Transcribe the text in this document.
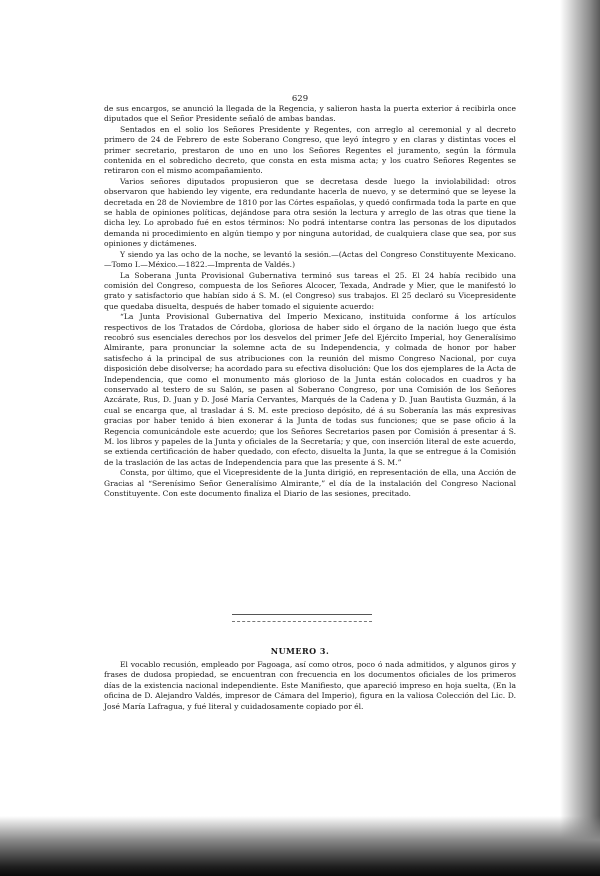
629

de sus encargos, se anunció la llegada de la Regencia, y salieron hasta la puerta exterior á recibirla once diputados que el Señor Presidente señaló de ambas bandas.

Sentados en el solio los Señores Presidente y Regentes, con arreglo al ceremonial y al decreto primero de 24 de Febrero de este Soberano Congreso, que leyó íntegro y en claras y distintas voces el primer secretario, prestaron de uno en uno los Señores Regentes el juramento, según la fórmula contenida en el sobredicho decreto, que consta en esta misma acta; y los cuatro Señores Regentes se retiraron con el mismo acompañamiento.

Varios señores diputados propusieron que se decretasa desde luego la inviolabilidad: otros observaron que habiendo ley vigente, era redundante hacerla de nuevo, y se determinó que se leyese la decretada en 28 de Noviembre de 1810 por las Córtes españolas, y quedó confirmada toda la parte en que se habla de opiniones políticas, dejándose para otra sesión la lectura y arreglo de las otras que tiene la dicha ley. Lo aprobado fué en estos términos: No podrá intentarse contra las personas de los diputados demanda ni procedimiento en algún tiempo y por ninguna autoridad, de cualquiera clase que sea, por sus opiniones y dictámenes.

Y siendo ya las ocho de la noche, se levantó la sesión.—(Actas del Congreso Constituyente Mexicano.—Tomo I.—México.—1822.—Imprenta de Valdés.)

La Soberana Junta Provisional Gubernativa terminó sus tareas el 25. El 24 había recibido una comisión del Congreso, compuesta de los Señores Alcocer, Texada, Andrade y Mier, que le manifestó lo grato y satisfactorio que habían sido á S. M. (el Congreso) sus trabajos. El 25 declaró su Vicepresidente que quedaba disuelta, después de haber tomado el siguiente acuerdo:

“La Junta Provisional Gubernativa del Imperio Mexicano, instituida conforme á los artículos respectivos de los Tratados de Córdoba, gloriosa de haber sido el órgano de la nación luego que ésta recobró sus esenciales derechos por los desvelos del primer Jefe del Ejército Imperial, hoy Generalísimo Almirante, para pronunciar la solemne acta de su Independencia, y colmada de honor por haber satisfecho á la principal de sus atribuciones con la reunión del mismo Congreso Nacional, por cuya disposición debe disolverse; ha acordado para su efectiva disolución: Que los dos ejemplares de la Acta de Independencia, que como el monumento más glorioso de la Junta están colocados en cuadros y ha conservado al testero de su Salón, se pasen al Soberano Congreso, por una Comisión de los Señores Azcárate, Rus, D. Juan y D. José María Cervantes, Marqués de la Cadena y D. Juan Bautista Guzmán, á la cual se encarga que, al trasladar á S. M. este precioso depósito, dé á su Soberanía las más expresivas gracias por haber tenido á bien exonerar á la Junta de todas sus funciones; que se pase oficio á la Regencia comunicándole este acuerdo; que los Señores Secretarios pasen por Comisión á presentar á S. M. los libros y papeles de la Junta y oficiales de la Secretaría; y que, con inserción literal de este acuerdo, se extienda certificación de haber quedado, con efecto, disuelta la Junta, la que se entregue á la Comisión de la traslación de las actas de Independencia para que las presente á S. M.”

Consta, por último, que el Vicepresidente de la Junta dirigió, en representación de ella, una Acción de Gracias al “Serenísimo Señor Generalísimo Almirante,” el día de la instalación del Congreso Nacional Constituyente. Con este documento finaliza el Diario de las sesiones, precitado.

NUMERO 3.

El vocablo recusión, empleado por Fagoaga, así como otros, poco ó nada admitidos, y algunos giros y frases de dudosa propiedad, se encuentran con frecuencia en los documentos oficiales de los primeros días de la existencia nacional independiente. Este Manifiesto, que apareció impreso en hoja suelta, (En la oficina de D. Alejandro Valdés, impresor de Cámara del Imperio), figura en la valiosa Colección del Lic. D. José María Lafragua, y fué literal y cuidadosamente copiado por él.
